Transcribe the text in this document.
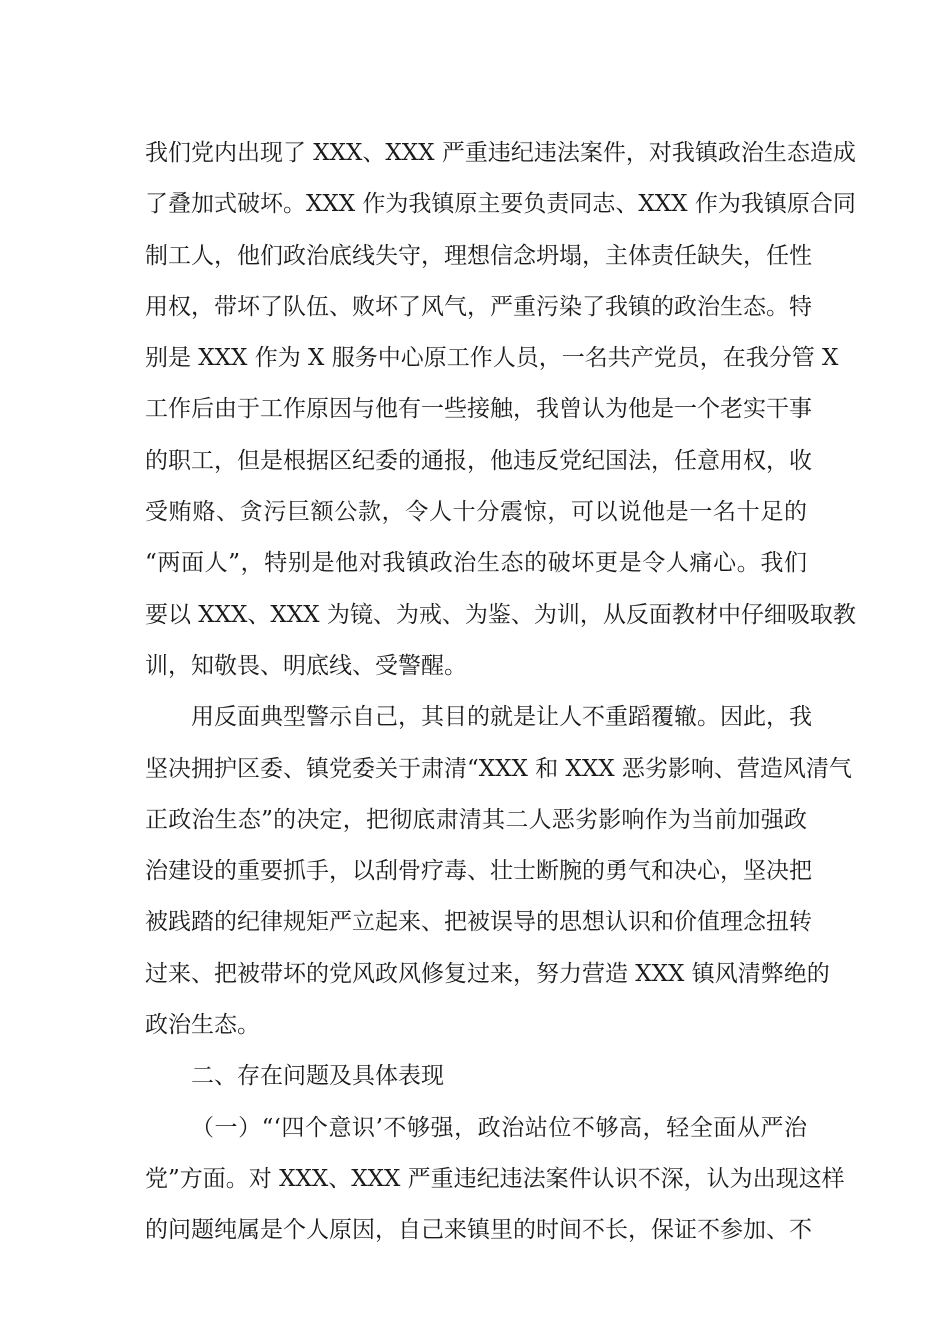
我们党内出现了 XXX、XXX 严重违纪违法案件，对我镇政治生态造成
了叠加式破坏。XXX 作为我镇原主要负责同志、XXX 作为我镇原合同
制工人，他们政治底线失守，理想信念坍塌，主体责任缺失，任性
用权，带坏了队伍、败坏了风气，严重污染了我镇的政治生态。特
别是 XXX 作为 X 服务中心原工作人员，一名共产党员，在我分管 X
工作后由于工作原因与他有一些接触，我曾认为他是一个老实干事
的职工，但是根据区纪委的通报，他违反党纪国法，任意用权，收
受贿赂、贪污巨额公款，令人十分震惊，可以说他是一名十足的
“两面人”，特别是他对我镇政治生态的破坏更是令人痛心。我们
要以 XXX、XXX 为镜、为戒、为鉴、为训，从反面教材中仔细吸取教
训，知敬畏、明底线、受警醒。
用反面典型警示自己，其目的就是让人不重蹈覆辙。因此，我
坚决拥护区委、镇党委关于肃清“XXX 和 XXX 恶劣影响、营造风清气
正政治生态”的决定，把彻底肃清其二人恶劣影响作为当前加强政
治建设的重要抓手，以刮骨疗毒、壮士断腕的勇气和决心，坚决把
被践踏的纪律规矩严立起来、把被误导的思想认识和价值理念扭转
过来、把被带坏的党风政风修复过来，努力营造 XXX 镇风清弊绝的
政治生态。
二、存在问题及具体表现
（一）“‘四个意识’不够强，政治站位不够高，轻全面从严治
党”方面。对 XXX、XXX 严重违纪违法案件认识不深，认为出现这样
的问题纯属是个人原因，自己来镇里的时间不长，保证不参加、不
